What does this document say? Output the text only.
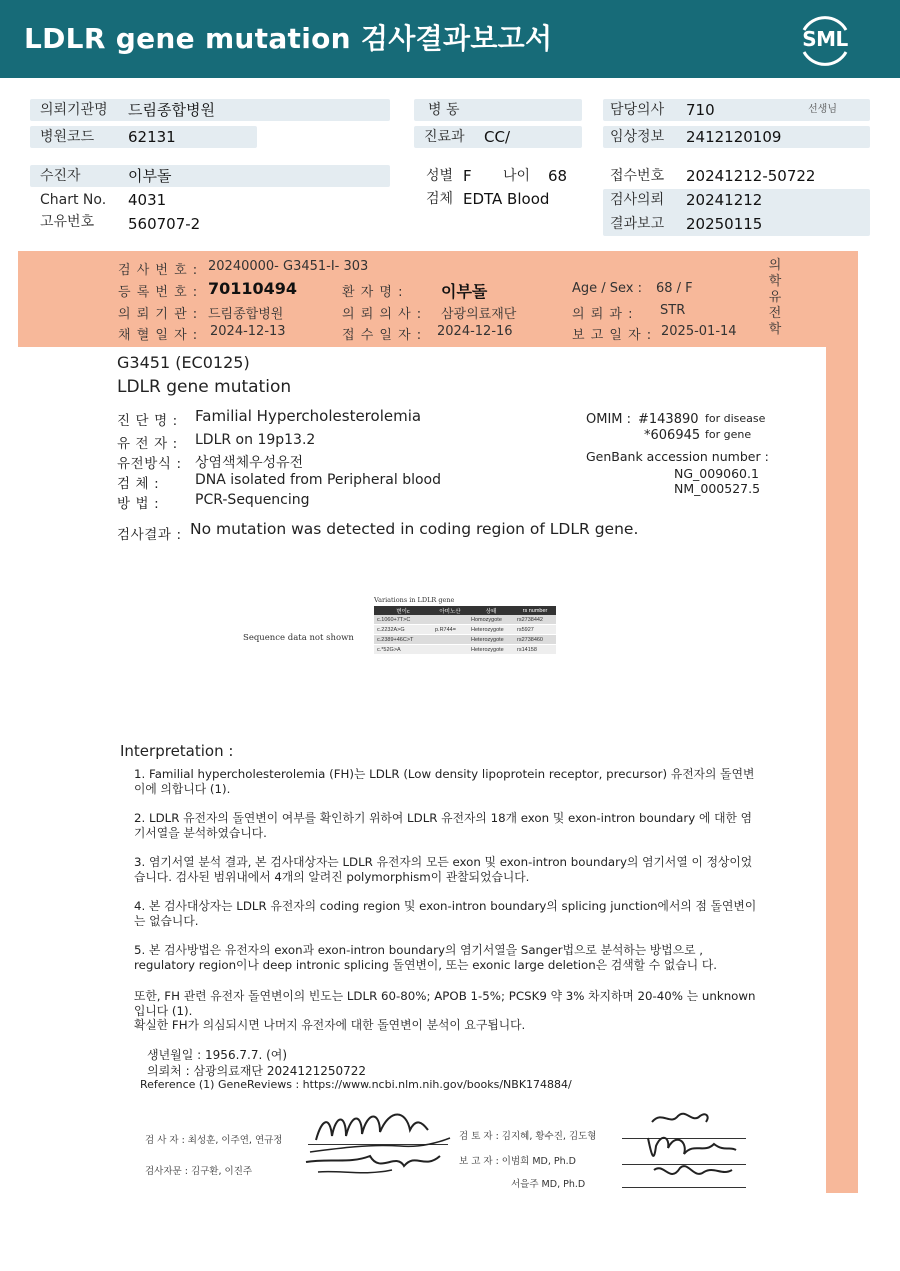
LDLR gene mutation 검사결과보고서	SML
의뢰기관명 드림종합병원
병원코드 62131
병 동
진료과 CC/
담당의사 710	선생님
임상정보 2412120109
수진자	이부돌
Chart No. 4031
고유번호 560707-2
성별 F 나이 68
검체 EDTA Blood
접수번호 20241212-50722
검사의뢰 20241212
결과보고 20250115
검 사 번 호 : 20240000- G3451-I- 303
등 록 번 호 : 70110494	환 자 명 : 이부돌	Age / Sex : 68 / F
의 뢰 기 관 : 드림종합병원	의 뢰 의 사 : 삼광의료재단	의 뢰 과 : STR
채 혈 일 자 : 2024-12-13	접 수 일 자 : 2024-12-16	보 고 일 자 : 2025-01-14
의
학
유
전
학
G3451 (EC0125)
LDLR gene mutation
진 단 명 : Familial Hypercholesterolemia
유 전 자 : LDLR on 19p13.2
유전방식 : 상염색체우성유전
검 체 :	DNA isolated from Peripheral blood
방 법 :	PCR-Sequencing
OMIM : #143890 for disease
*606945 for gene
GenBank accession number :
NG_009060.1
NM_000527.5
검사결과 : No mutation was detected in coding region of LDLR gene.
Sequence data not shown
Variations in LDLR gene
변이c	아미노산	상태	rs number
c.1060+7T>C		Homozygote	rs2738442
c.2232A>G	p.R744=	Heterozygote	rs5927
c.2389+46C>T		Heterozygote	rs2738460
c.*52G>A		Heterozygote	rs14158
Interpretation :
1. Familial hypercholesterolemia (FH)는 LDLR (Low density lipoprotein receptor, precursor) 유전자의 돌연변이에 의합니다 (1).
2. LDLR 유전자의 돌연변이 여부를 확인하기 위하여 LDLR 유전자의 18개 exon 및 exon-intron boundary 에 대한 염기서열을 분석하였습니다.
3. 염기서열 분석 결과, 본 검사대상자는 LDLR 유전자의 모든 exon 및 exon-intron boundary의 염기서열 이 정상이었습니다. 검사된 범위내에서 4개의 알려진 polymorphism이 관찰되었습니다.
4. 본 검사대상자는 LDLR 유전자의 coding region 및 exon-intron boundary의 splicing junction에서의 점 돌연변이는 없습니다.
5. 본 검사방법은 유전자의 exon과 exon-intron boundary의 염기서열을 Sanger법으로 분석하는 방법으로 , regulatory region이나 deep intronic splicing 돌연변이, 또는 exonic large deletion은 검색할 수 없습니 다.
또한, FH 관련 유전자 돌연변이의 빈도는 LDLR 60-80%; APOB 1-5%; PCSK9 약 3% 차지하며 20-40% 는 unknown 입니다 (1).
확실한 FH가 의심되시면 나머지 유전자에 대한 돌연변이 분석이 요구됩니다.
생년월일 : 1956.7.7. (여)
의뢰처 : 삼광의료재단 2024121250722
Reference (1) GeneReviews : https://www.ncbi.nlm.nih.gov/books/NBK174884/
검 사 자 : 최성훈, 이주연, 연규정
검사자문 : 김구환, 이진주
검 토 자 : 김지혜, 황수진, 김도형
보 고 자 : 이범희 MD, Ph.D
서을주 MD, Ph.D
